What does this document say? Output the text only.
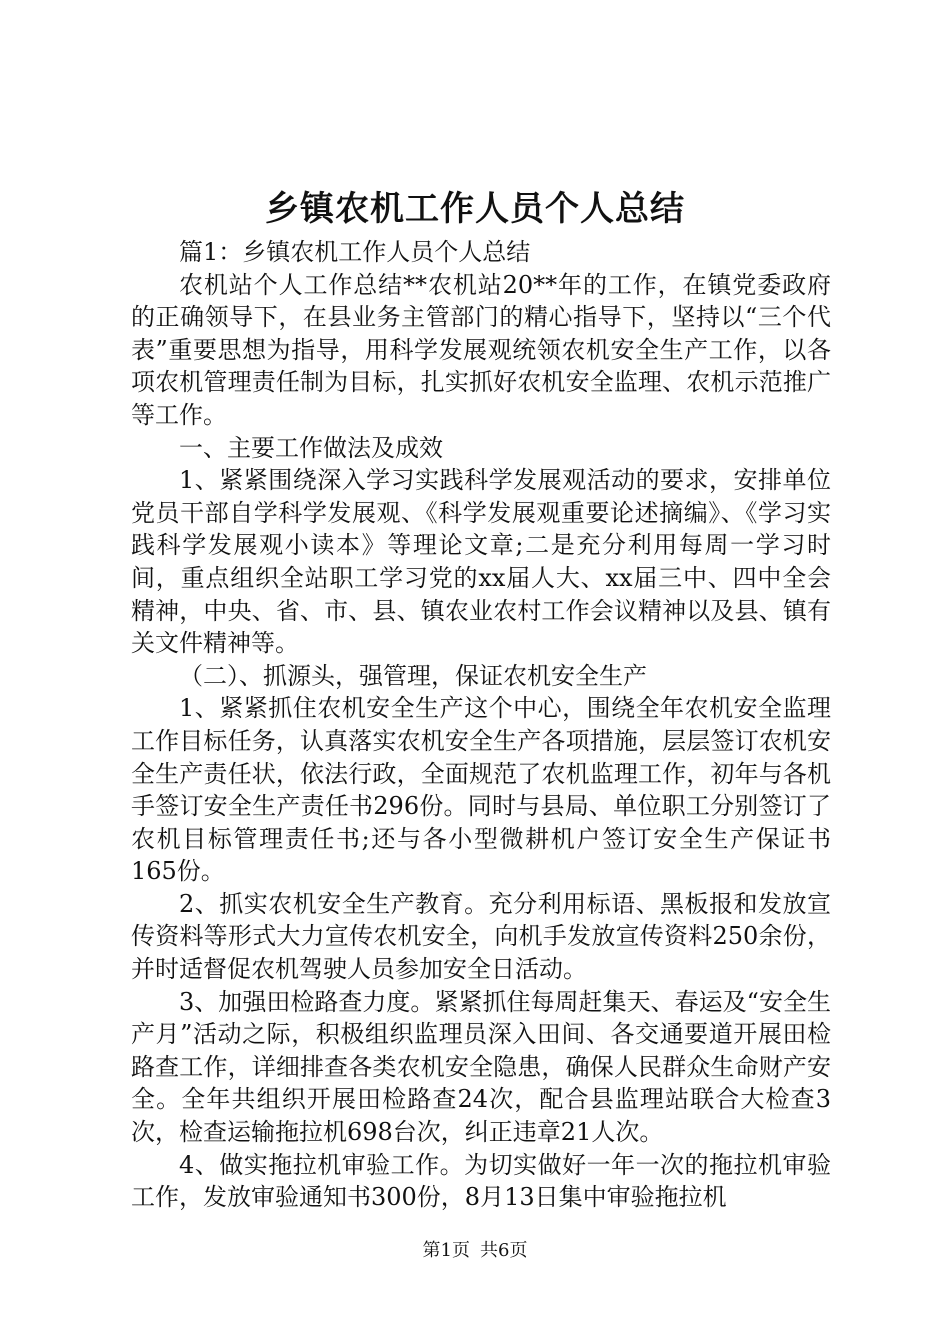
乡镇农机工作人员个人总结

篇1：乡镇农机工作人员个人总结

农机站个人工作总结**农机站20**年的工作，在镇党委政府的正确领导下，在县业务主管部门的精心指导下，坚持以“三个代表”重要思想为指导，用科学发展观统领农机安全生产工作，以各项农机管理责任制为目标，扎实抓好农机安全监理、农机示范推广等工作。

一、主要工作做法及成效

1、紧紧围绕深入学习实践科学发展观活动的要求，安排单位党员干部自学科学发展观、《科学发展观重要论述摘编》、《学习实践科学发展观小读本》等理论文章;二是充分利用每周一学习时间，重点组织全站职工学习党的xx届人大、xx届三中、四中全会精神，中央、省、市、县、镇农业农村工作会议精神以及县、镇有关文件精神等。

（二）、抓源头，强管理，保证农机安全生产

1、紧紧抓住农机安全生产这个中心，围绕全年农机安全监理工作目标任务，认真落实农机安全生产各项措施，层层签订农机安全生产责任状，依法行政，全面规范了农机监理工作，初年与各机手签订安全生产责任书296份。同时与县局、单位职工分别签订了农机目标管理责任书;还与各小型微耕机户签订安全生产保证书165份。

2、抓实农机安全生产教育。充分利用标语、黑板报和发放宣传资料等形式大力宣传农机安全，向机手发放宣传资料250余份，并时适督促农机驾驶人员参加安全日活动。

3、加强田检路查力度。紧紧抓住每周赶集天、春运及“安全生产月”活动之际，积极组织监理员深入田间、各交通要道开展田检路查工作，详细排查各类农机安全隐患，确保人民群众生命财产安全。全年共组织开展田检路查24次，配合县监理站联合大检查3次，检查运输拖拉机698台次，纠正违章21人次。

4、做实拖拉机审验工作。为切实做好一年一次的拖拉机审验工作，发放审验通知书300份，8月13日集中审验拖拉机

第1页 共6页
